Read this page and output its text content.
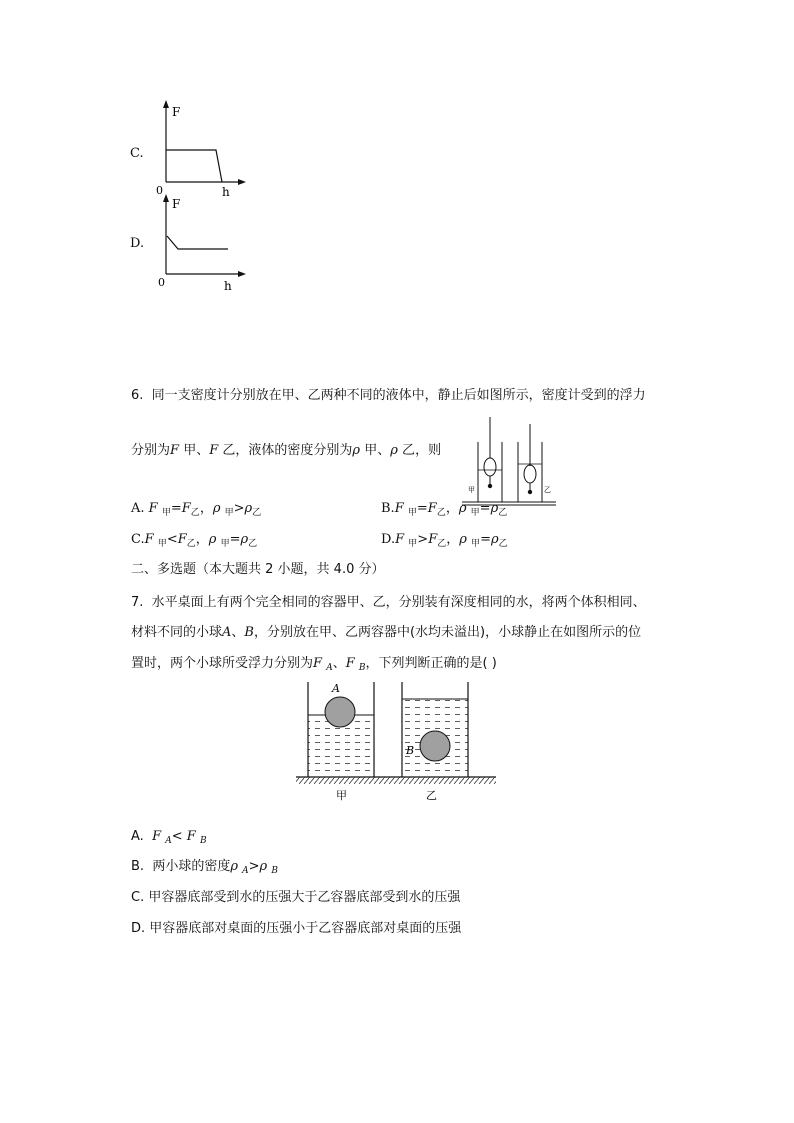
C.
F
0	h
D.
F
0	h
6. 同一支密度计分别放在甲、乙两种不同的液体中，静止后如图所示，密度计受到的浮力
分别为F 甲、F 乙，液体的密度分别为ρ 甲、ρ 乙，则
甲	乙
A. F $_甲=F_乙$，ρ $_甲>\rho_乙$	B.F $_甲=F_乙$，ρ $_甲=\rho_乙$
C.F $_甲<F_乙$，ρ $_甲=\rho_乙$	D.F $_甲>F_乙$，ρ $_甲=\rho_乙$
二、多选题（本大题共 2 小题，共 4.0 分）
7. 水平桌面上有两个完全相同的容器甲、乙，分别装有深度相同的水，将两个体积相同、
材料不同的小球A、B，分别放在甲、乙两容器中(水均未溢出)，小球静止在如图所示的位
置时，两个小球所受浮力分别为F $_A$、F $_B$，下列判断正确的是( )
A
B
甲	乙
A. F $_A$< F $_B$
B. 两小球的密度ρ $_A$>ρ $_B$
C. 甲容器底部受到水的压强大于乙容器底部受到水的压强
D. 甲容器底部对桌面的压强小于乙容器底部对桌面的压强
